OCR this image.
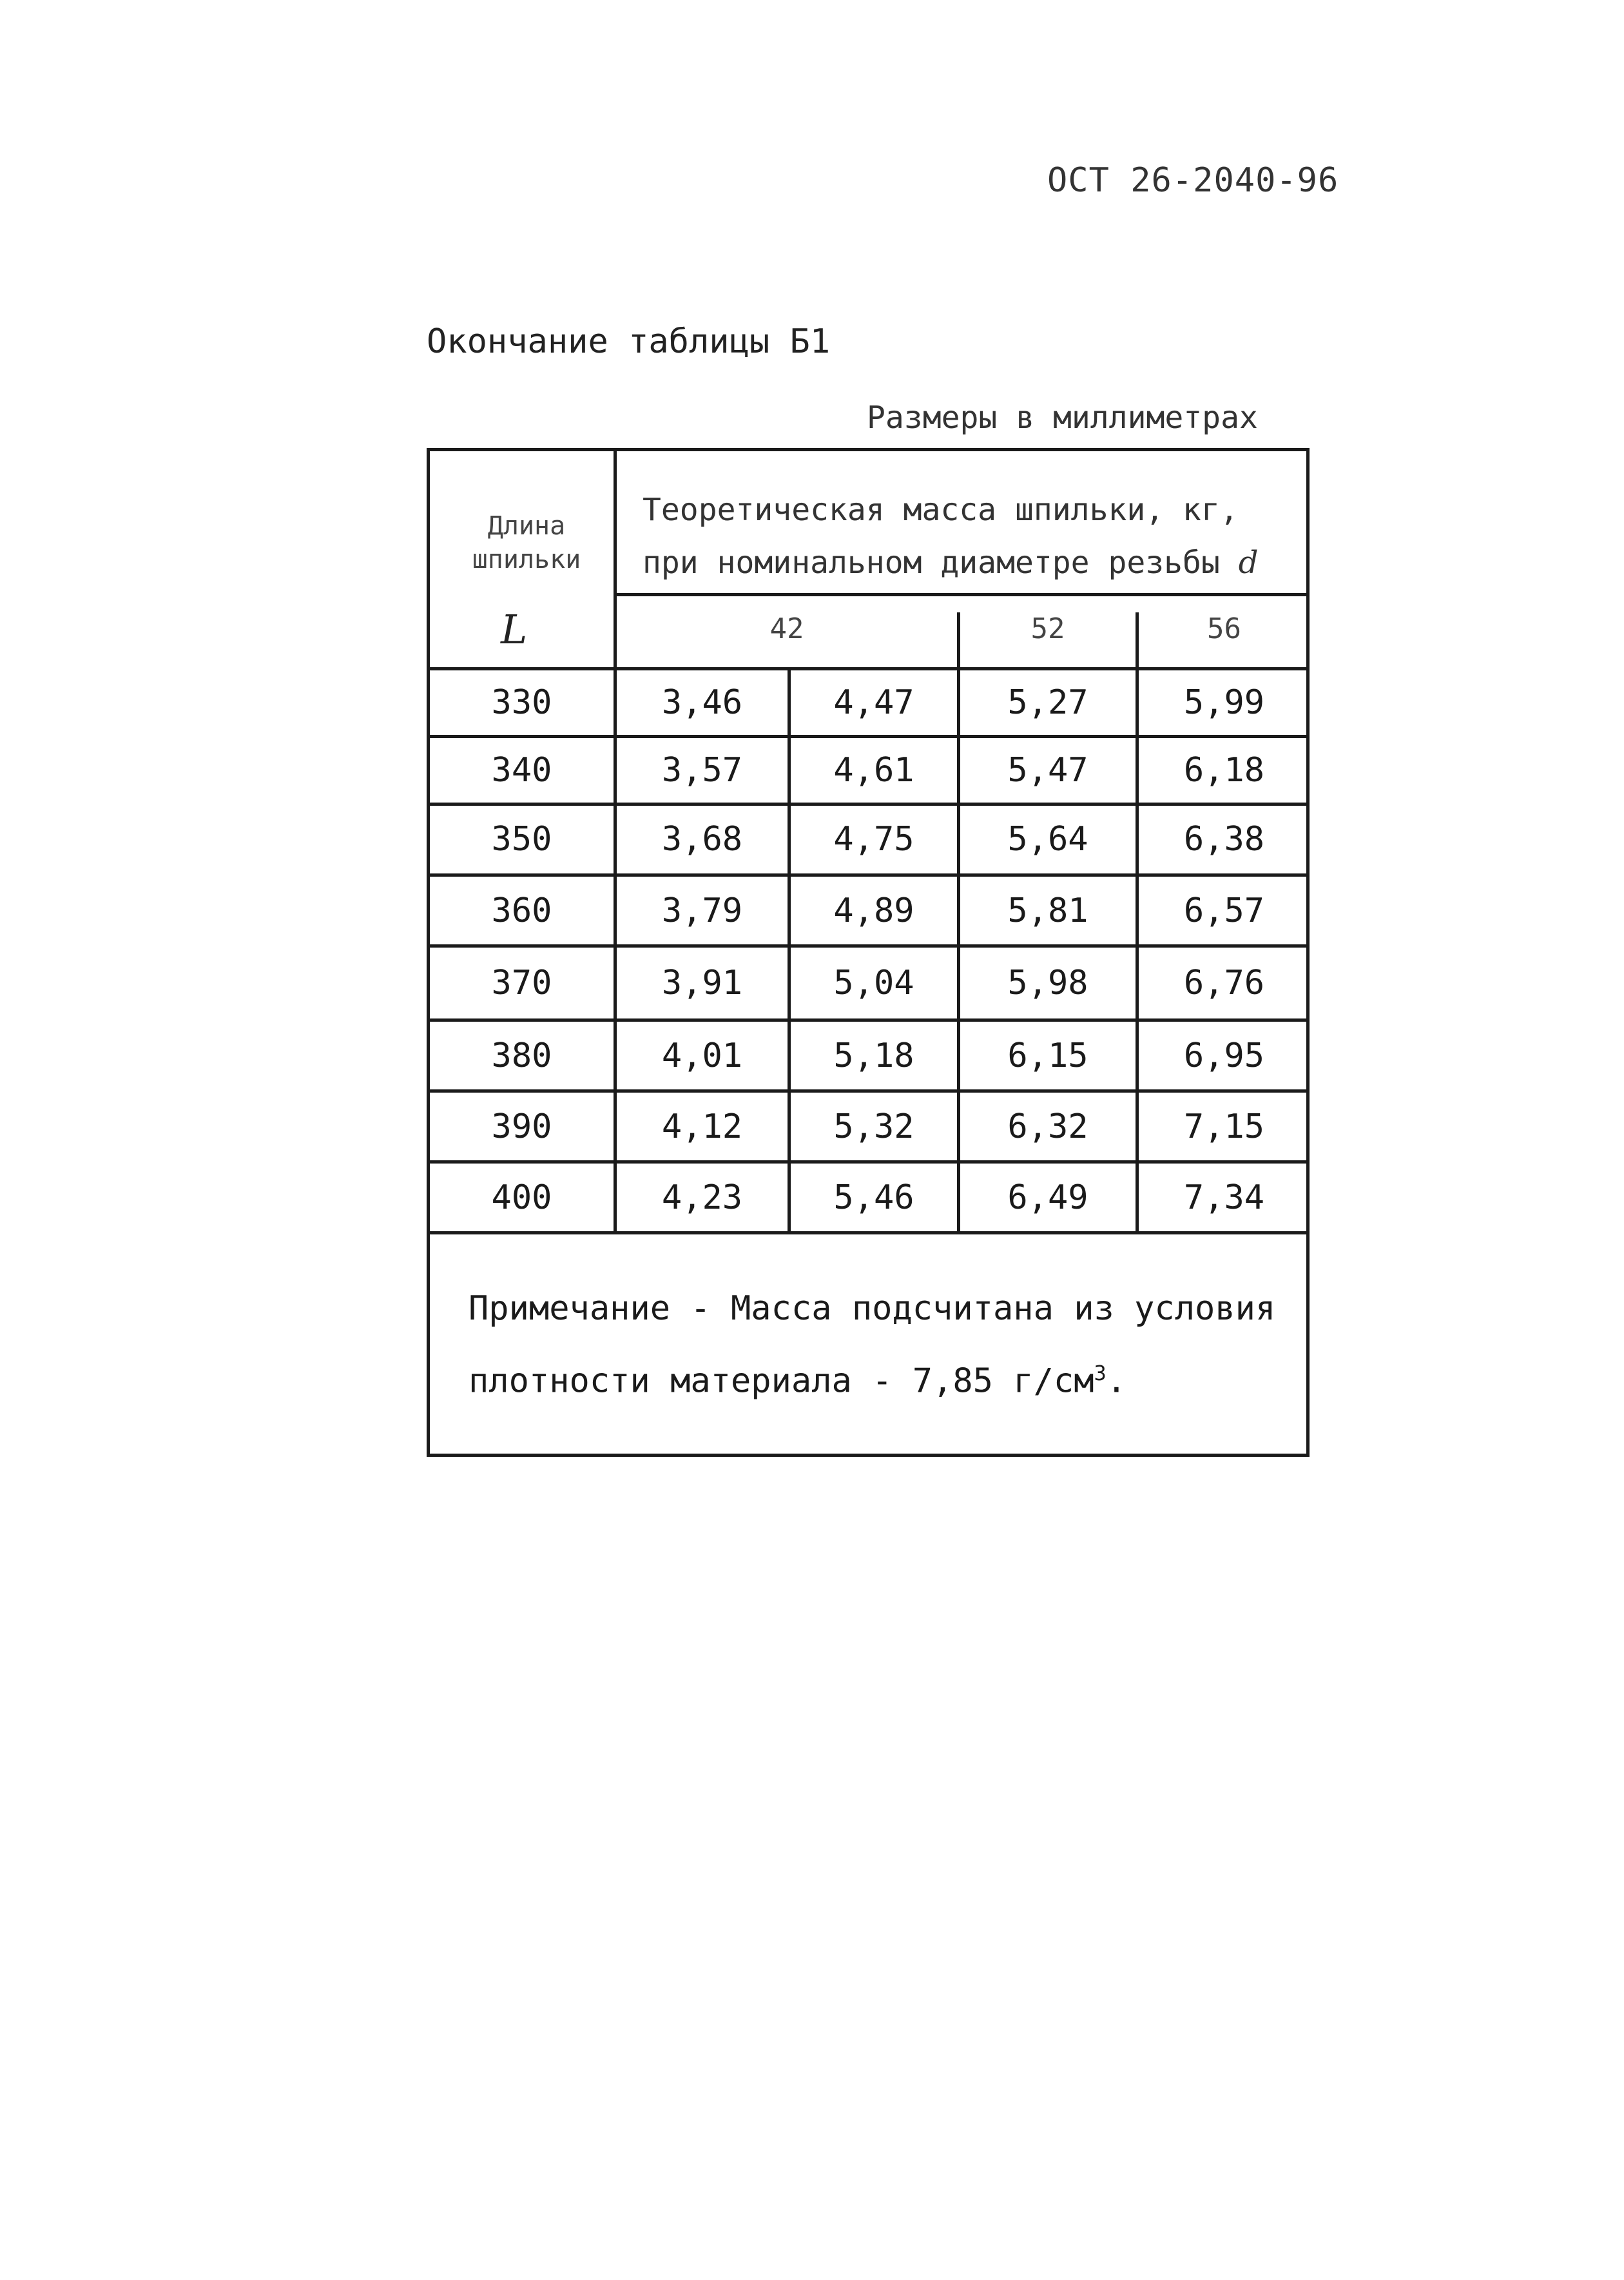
ОСТ 26-2040-96
Окончание таблицы Б1
Размеры в миллиметрах
Длина шпильки
L
Теоретическая масса шпильки, кг,
при номинальном диаметре резьбы d
42	52	56
330	3,46	4,47	5,27	5,99
340	3,57	4,61	5,47	6,18
350	3,68	4,75	5,64	6,38
360	3,79	4,89	5,81	6,57
370	3,91	5,04	5,98	6,76
380	4,01	5,18	6,15	6,95
390	4,12	5,32	6,32	7,15
400	4,23	5,46	6,49	7,34
Примечание - Масса подсчитана из условия
плотности материала - 7,85 $г/см^3$.
